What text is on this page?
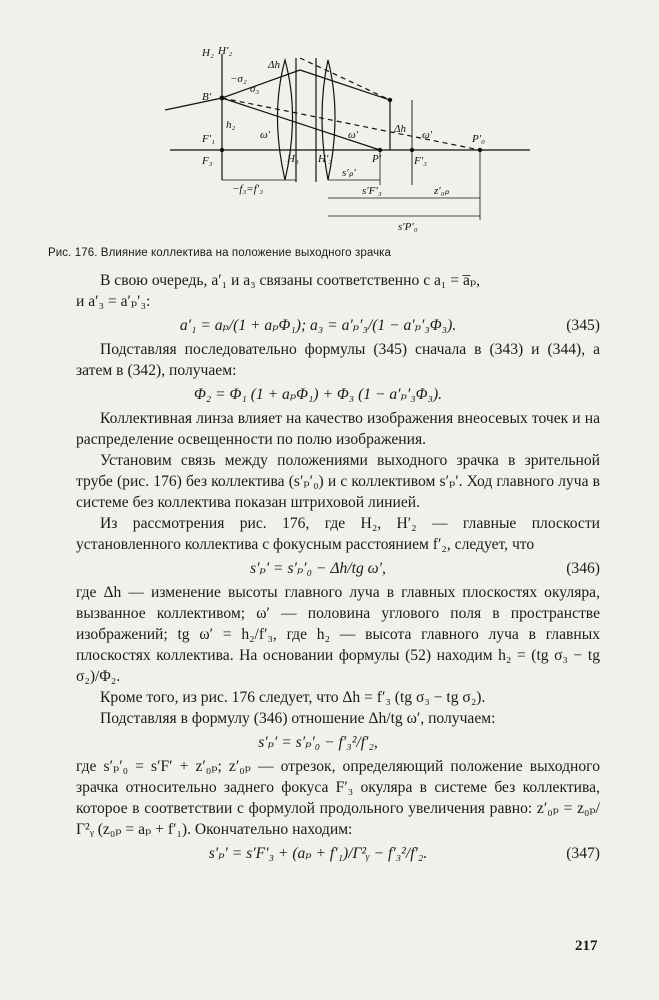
H₂ H′₂
Δh
−σ₂
σ₃
B′
h₂
F′₁
F₃
ω′
H₃ H′₃
ω′	Δh ω′	P′₀
P′	F′₃
s′ₚ′
s′F′₃	z′₀ₚ
s′P′₀
−f₃=f′₃
Рис. 176. Влияние коллектива на положение выходного зрачка

В свою очередь, a′₁ и a₃ связаны соответственно с a₁ = a̅ₚ,

и a′₃ = a′ₚ′₃:

a′₁ = aₚ/(1 + aₚΦ₁); a₃ = a′ₚ′₃/(1 − a′ₚ′₃Φ₃).	(345)

Подставляя последовательно формулы (345) сначала в (343) и (344), а затем в (342), получаем:

Φ₂ = Φ₁ (1 + aₚΦ₁) + Φ₃ (1 − a′ₚ′₃Φ₃).

Коллективная линза влияет на качество изображения внеосевых точек и на распределение освещенности по полю изображения.

Установим связь между положениями выходного зрачка в зрительной трубе (рис. 176) без коллектива (s′ₚ′₀) и с коллективом s′ₚ′. Ход главного луча в системе без коллектива показан штриховой линией.

Из рассмотрения рис. 176, где H₂, H′₂ — главные плоскости установленного коллектива с фокусным расстоянием f′₂, следует, что

s′ₚ′ = s′ₚ′₀ − Δh/tg ω′,	(346)

где Δh — изменение высоты главного луча в главных плоскостях окуляра, вызванное коллективом; ω′ — половина углового поля в пространстве изображений; tg ω′ = h₂/f′₃, где h₂ — высота главного луча в главных плоскостях коллектива. На основании формулы (52) находим h₂ = (tg σ₃ − tg σ₂)/Φ₂.

Кроме того, из рис. 176 следует, что Δh = f′₃ (tg σ₃ − tg σ₂).

Подставляя в формулу (346) отношение Δh/tg ω′, получаем:

s′ₚ′ = s′ₚ′₀ − f′₃²/f′₂,

где s′ₚ′₀ = s′F′ + z′₀ₚ; z′₀ₚ — отрезок, определяющий положение выходного зрачка относительно заднего фокуса F′₃ окуляра в системе без коллектива, которое в соответствии с формулой продольного увеличения равно: z′₀ₚ = z₀ₚ/Γ²ᵧ (z₀ₚ = aₚ + f′₁). Окончательно находим:

s′ₚ′ = s′F′₃ + (aₚ + f′₁)/Γ²ᵧ − f′₃²/f′₂.	(347)
217
